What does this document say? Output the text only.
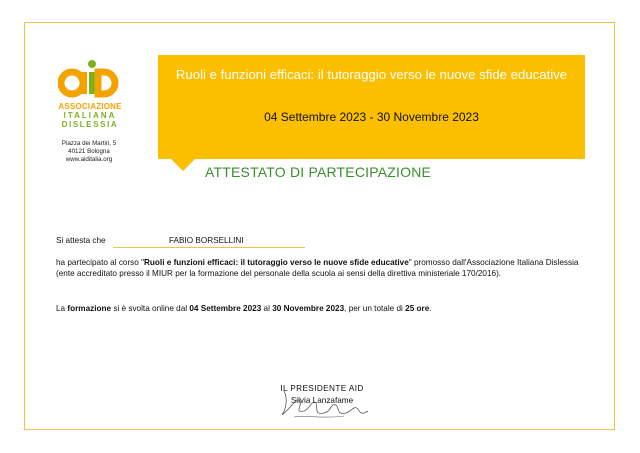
ASSOCIAZIONE
ITALIANA
DISLESSIA
Piazza dei Martiri, 5
40121 Bologna
www.aiditalia.org
Ruoli e funzioni efficaci: il tutoraggio verso le nuove sfide educative
04 Settembre 2023 - 30 Novembre 2023
ATTESTATO DI PARTECIPAZIONE
Si attesta che	FABIO BORSELLINI
ha partecipato al corso "Ruoli e funzioni efficaci: il tutoraggio verso le nuove sfide educative" promosso dall'Associazione Italiana Dislessia (ente accreditato presso il MIUR per la formazione del personale della scuola ai sensi della direttiva ministeriale 170/2016).
La formazione si è svolta online dal 04 Settembre 2023 al 30 Novembre 2023, per un totale di 25 ore.
IL PRESIDENTE AID
Silvia Lanzafame
